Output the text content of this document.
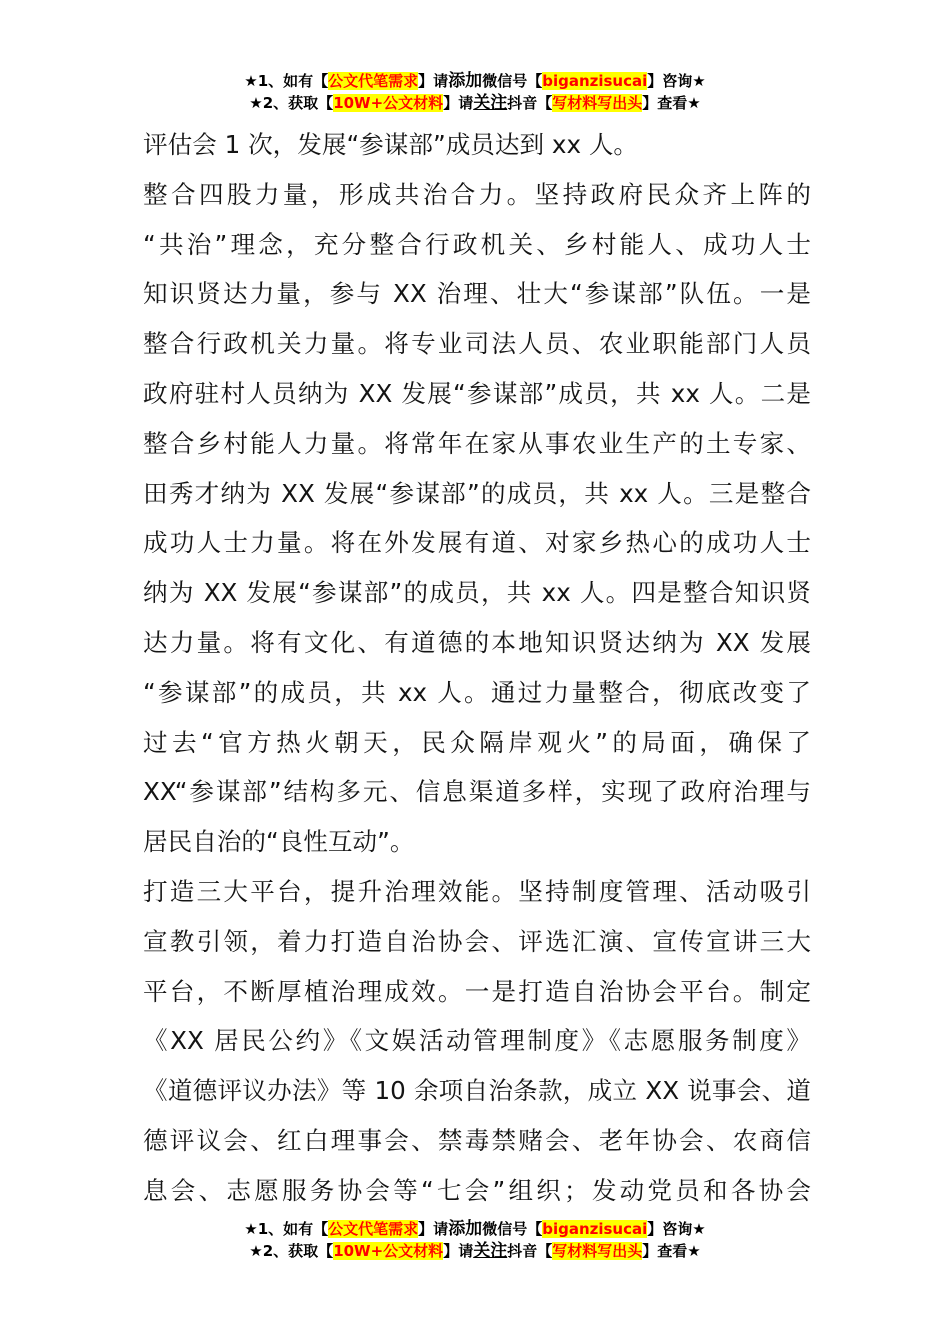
★1、如有【公文代笔需求】请添加微信号【biganzisucai】咨询★
★2、获取【10W+公文材料】请关注抖音【写材料写出头】查看★
评估会 1 次，发展“参谋部”成员达到 xx 人。
整合四股力量，形成共治合力。坚持政府民众齐上阵的
“共治”理念，充分整合行政机关、乡村能人、成功人士
知识贤达力量，参与 XX 治理、壮大“参谋部”队伍。一是
整合行政机关力量。将专业司法人员、农业职能部门人员
政府驻村人员纳为 XX 发展“参谋部”成员，共 xx 人。二是
整合乡村能人力量。将常年在家从事农业生产的土专家、
田秀才纳为 XX 发展“参谋部”的成员，共 xx 人。三是整合
成功人士力量。将在外发展有道、对家乡热心的成功人士
纳为 XX 发展“参谋部”的成员，共 xx 人。四是整合知识贤
达力量。将有文化、有道德的本地知识贤达纳为 XX 发展
“参谋部”的成员，共 xx 人。通过力量整合，彻底改变了
过去“官方热火朝天，民众隔岸观火”的局面，确保了
XX“参谋部”结构多元、信息渠道多样，实现了政府治理与
居民自治的“良性互动”。
打造三大平台，提升治理效能。坚持制度管理、活动吸引
宣教引领，着力打造自治协会、评选汇演、宣传宣讲三大
平台，不断厚植治理成效。一是打造自治协会平台。制定
《XX 居民公约》《文娱活动管理制度》《志愿服务制度》
《道德评议办法》等 10 余项自治条款，成立 XX 说事会、道
德评议会、红白理事会、禁毒禁赌会、老年协会、农商信
息会、志愿服务协会等“七会”组织；发动党员和各协会
★1、如有【公文代笔需求】请添加微信号【biganzisucai】咨询★
★2、获取【10W+公文材料】请关注抖音【写材料写出头】查看★
